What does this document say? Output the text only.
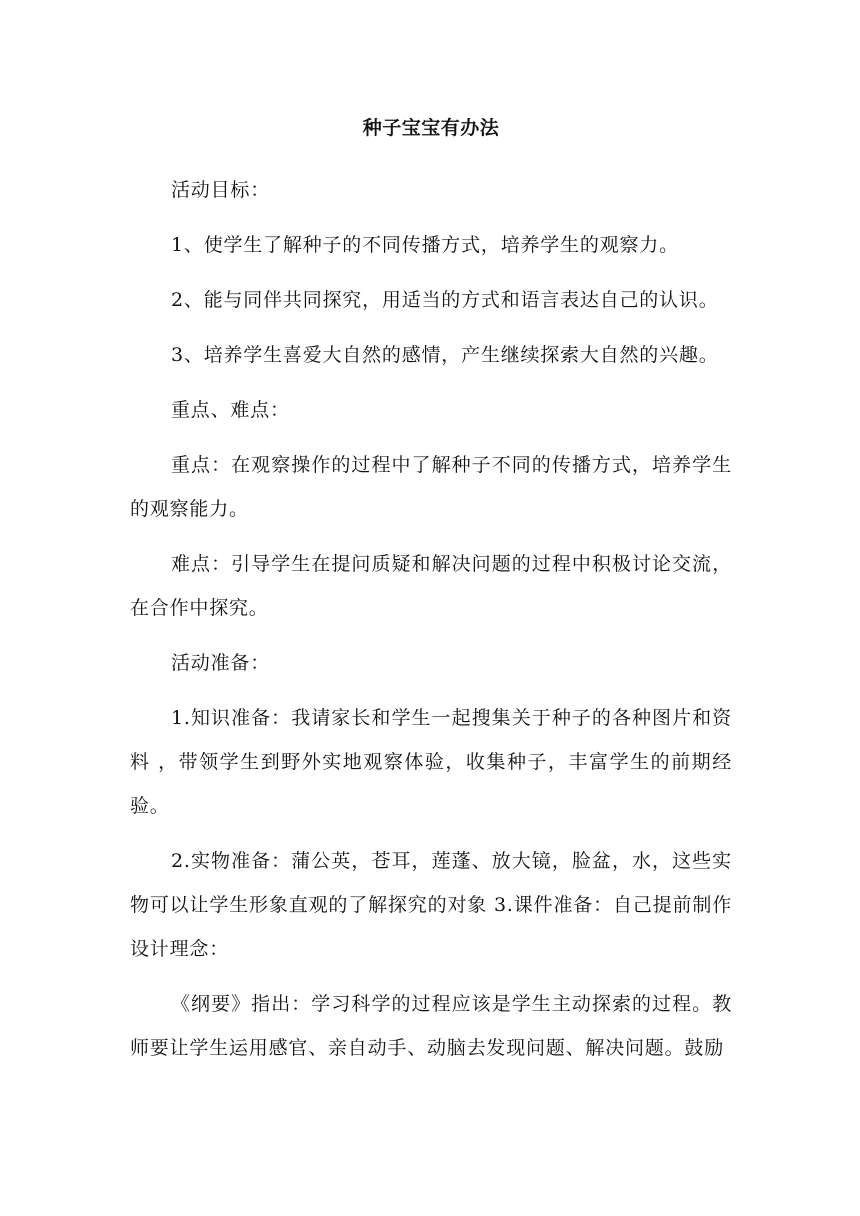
种子宝宝有办法

活动目标：

1、使学生了解种子的不同传播方式，培养学生的观察力。

2、能与同伴共同探究，用适当的方式和语言表达自己的认识。

3、培养学生喜爱大自然的感情，产生继续探索大自然的兴趣。

重点、难点：

重点：在观察操作的过程中了解种子不同的传播方式，培养学生的观察能力。

难点：引导学生在提问质疑和解决问题的过程中积极讨论交流，在合作中探究。

活动准备：

1.知识准备：我请家长和学生一起搜集关于种子的各种图片和资料 ，带领学生到野外实地观察体验，收集种子，丰富学生的前期经验。

2.实物准备：蒲公英，苍耳，莲蓬、放大镜，脸盆，水，这些实物可以让学生形象直观的了解探究的对象 3.课件准备：自己提前制作设计理念：

《纲要》指出：学习科学的过程应该是学生主动探索的过程。教师要让学生运用感官、亲自动手、动脑去发现问题、解决问题。鼓励
